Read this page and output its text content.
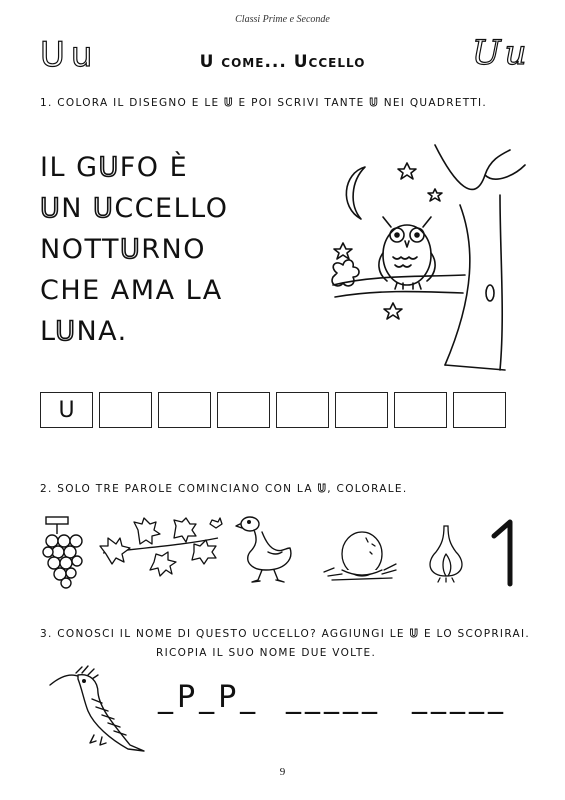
Classi Prime e Seconde
U u	U come... Uccello	U u
1. COLORA IL DISEGNO E LE U E POI SCRIVI TANTE U NEI QUADRETTI.
IL GUFO È
UN UCCELLO
NOTTURNO
CHE AMA LA
LUNA.
U
2. SOLO TRE PAROLE COMINCIANO CON LA U, COLORALE.
3. CONOSCI IL NOME DI QUESTO UCCELLO? AGGIUNGI LE U E LO SCOPRIRAI.
RICOPIA IL SUO NOME DUE VOLTE.
_P_P_ _____ _____
9
